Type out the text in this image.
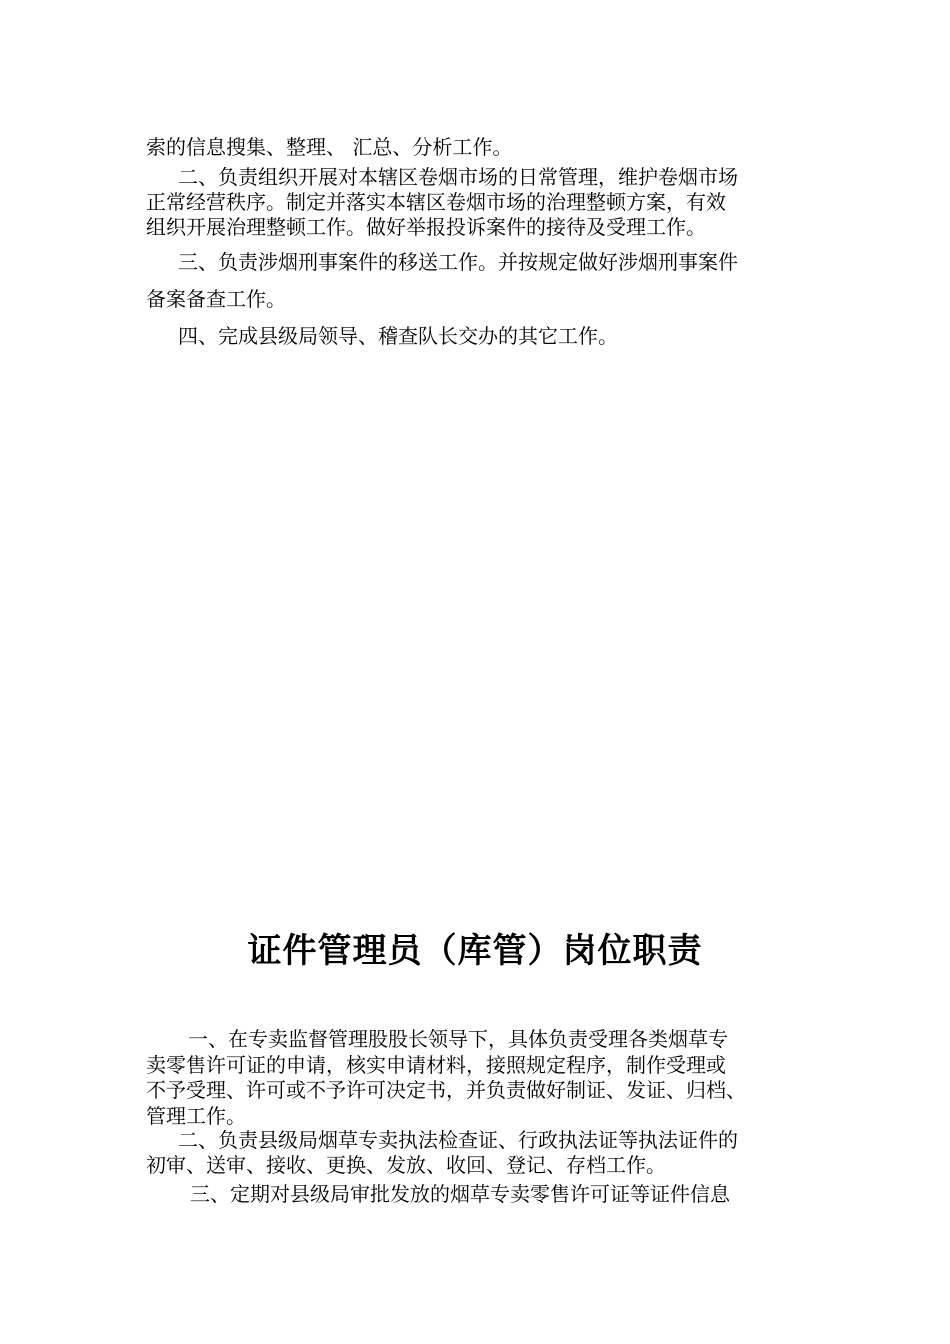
索的信息搜集、整理、 汇总、分析工作。

二、负责组织开展对本辖区卷烟市场的日常管理，维护卷烟市场

正常经营秩序。制定并落实本辖区卷烟市场的治理整顿方案，有效

组织开展治理整顿工作。做好举报投诉案件的接待及受理工作。

三、负责涉烟刑事案件的移送工作。并按规定做好涉烟刑事案件

备案备查工作。

四、完成县级局领导、稽查队长交办的其它工作。

证件管理员（库管）岗位职责

一、在专卖监督管理股股长领导下，具体负责受理各类烟草专

卖零售许可证的申请，核实申请材料，接照规定程序，制作受理或

不予受理、许可或不予许可决定书，并负责做好制证、发证、归档、

管理工作。

二、负责县级局烟草专卖执法检查证、行政执法证等执法证件的

初审、送审、接收、更换、发放、收回、登记、存档工作。

三、定期对县级局审批发放的烟草专卖零售许可证等证件信息
